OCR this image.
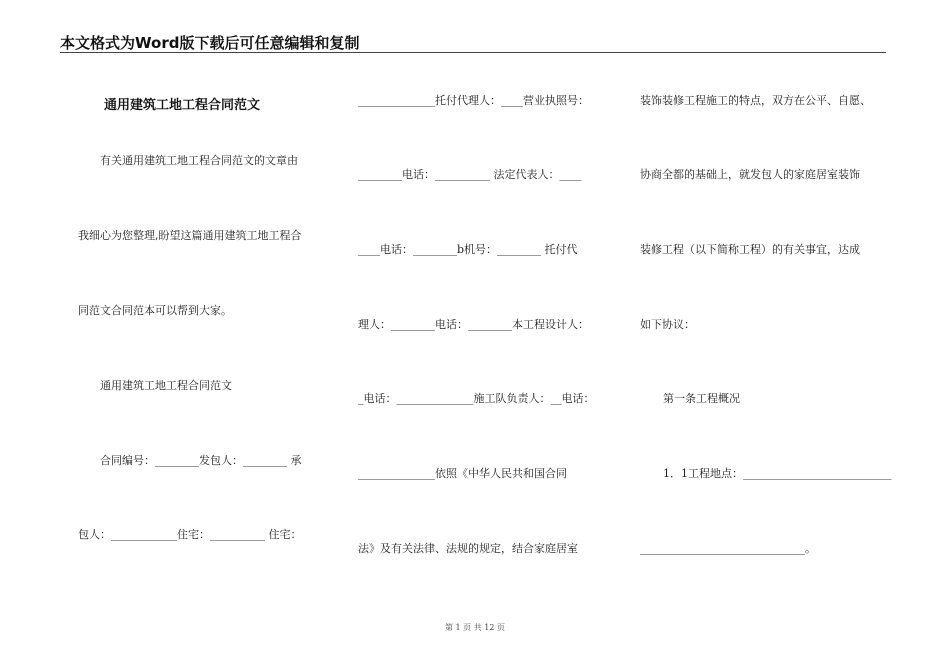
本文格式为Word版下载后可任意编辑和复制
通用建筑工地工程合同范文
有关通用建筑工地工程合同范文的文章由
我细心为您整理,盼望这篇通用建筑工地工程合
同范文合同范本可以帮到大家。
通用建筑工地工程合同范文
合同编号：________发包人：________ 承
包人：____________住宅：__________ 住宅：
______________托付代理人：____营业执照号：
________电话：__________ 法定代表人：____
____电话：________b机号：________ 托付代
理人：________电话：________本工程设计人：
_电话：______________施工队负责人：__电话：
______________依照《中华人民共和国合同
法》及有关法律、法规的规定，结合家庭居室
装饰装修工程施工的特点，双方在公平、自愿、
协商全都的基础上，就发包人的家庭居室装饰
装修工程（以下简称工程）的有关事宜，达成
如下协议：
第一条工程概况
1．1工程地点：___________________________
______________________________。
第 1 页 共 12 页
